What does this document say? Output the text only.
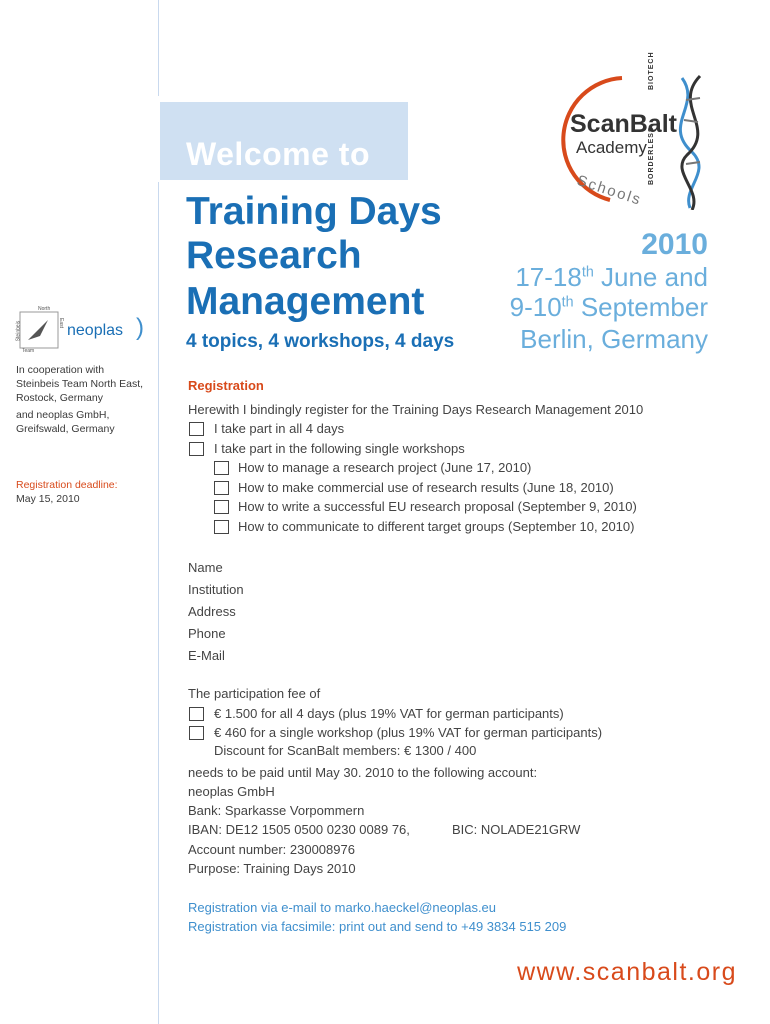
Welcome to
Training Days
Research
Management
4 topics, 4 workshops, 4 days
ScanBalt
Academy
Schools
BIOTECH
BORDERLESS
2010
17-18th June and
9-10th September
Berlin, Germany
North
East
Steinbeis
Team
neoplas )
In cooperation with
Steinbeis Team North East,
Rostock, Germany
and neoplas GmbH,
Greifswald, Germany
Registration deadline:
May 15, 2010
Registration
Herewith I bindingly register for the Training Days Research Management 2010
I take part in all 4 days
I take part in the following single workshops
How to manage a research project (June 17, 2010)
How to make commercial use of research results (June 18, 2010)
How to write a successful EU research proposal (September 9, 2010)
How to communicate to different target groups (September 10, 2010)
Name
Institution
Address
Phone
E-Mail
The participation fee of
€ 1.500 for all 4 days (plus 19% VAT for german participants)
€ 460 for a single workshop (plus 19% VAT for german participants)
Discount for ScanBalt members: € 1300 / 400
needs to be paid until May 30. 2010 to the following account:
neoplas GmbH
Bank: Sparkasse Vorpommern
IBAN: DE12 1505 0500 0230 0089 76,	BIC: NOLADE21GRW
Account number: 230008976
Purpose: Training Days 2010
Registration via e-mail to marko.haeckel@neoplas.eu
Registration via facsimile: print out and send to +49 3834 515 209
www.scanbalt.org
